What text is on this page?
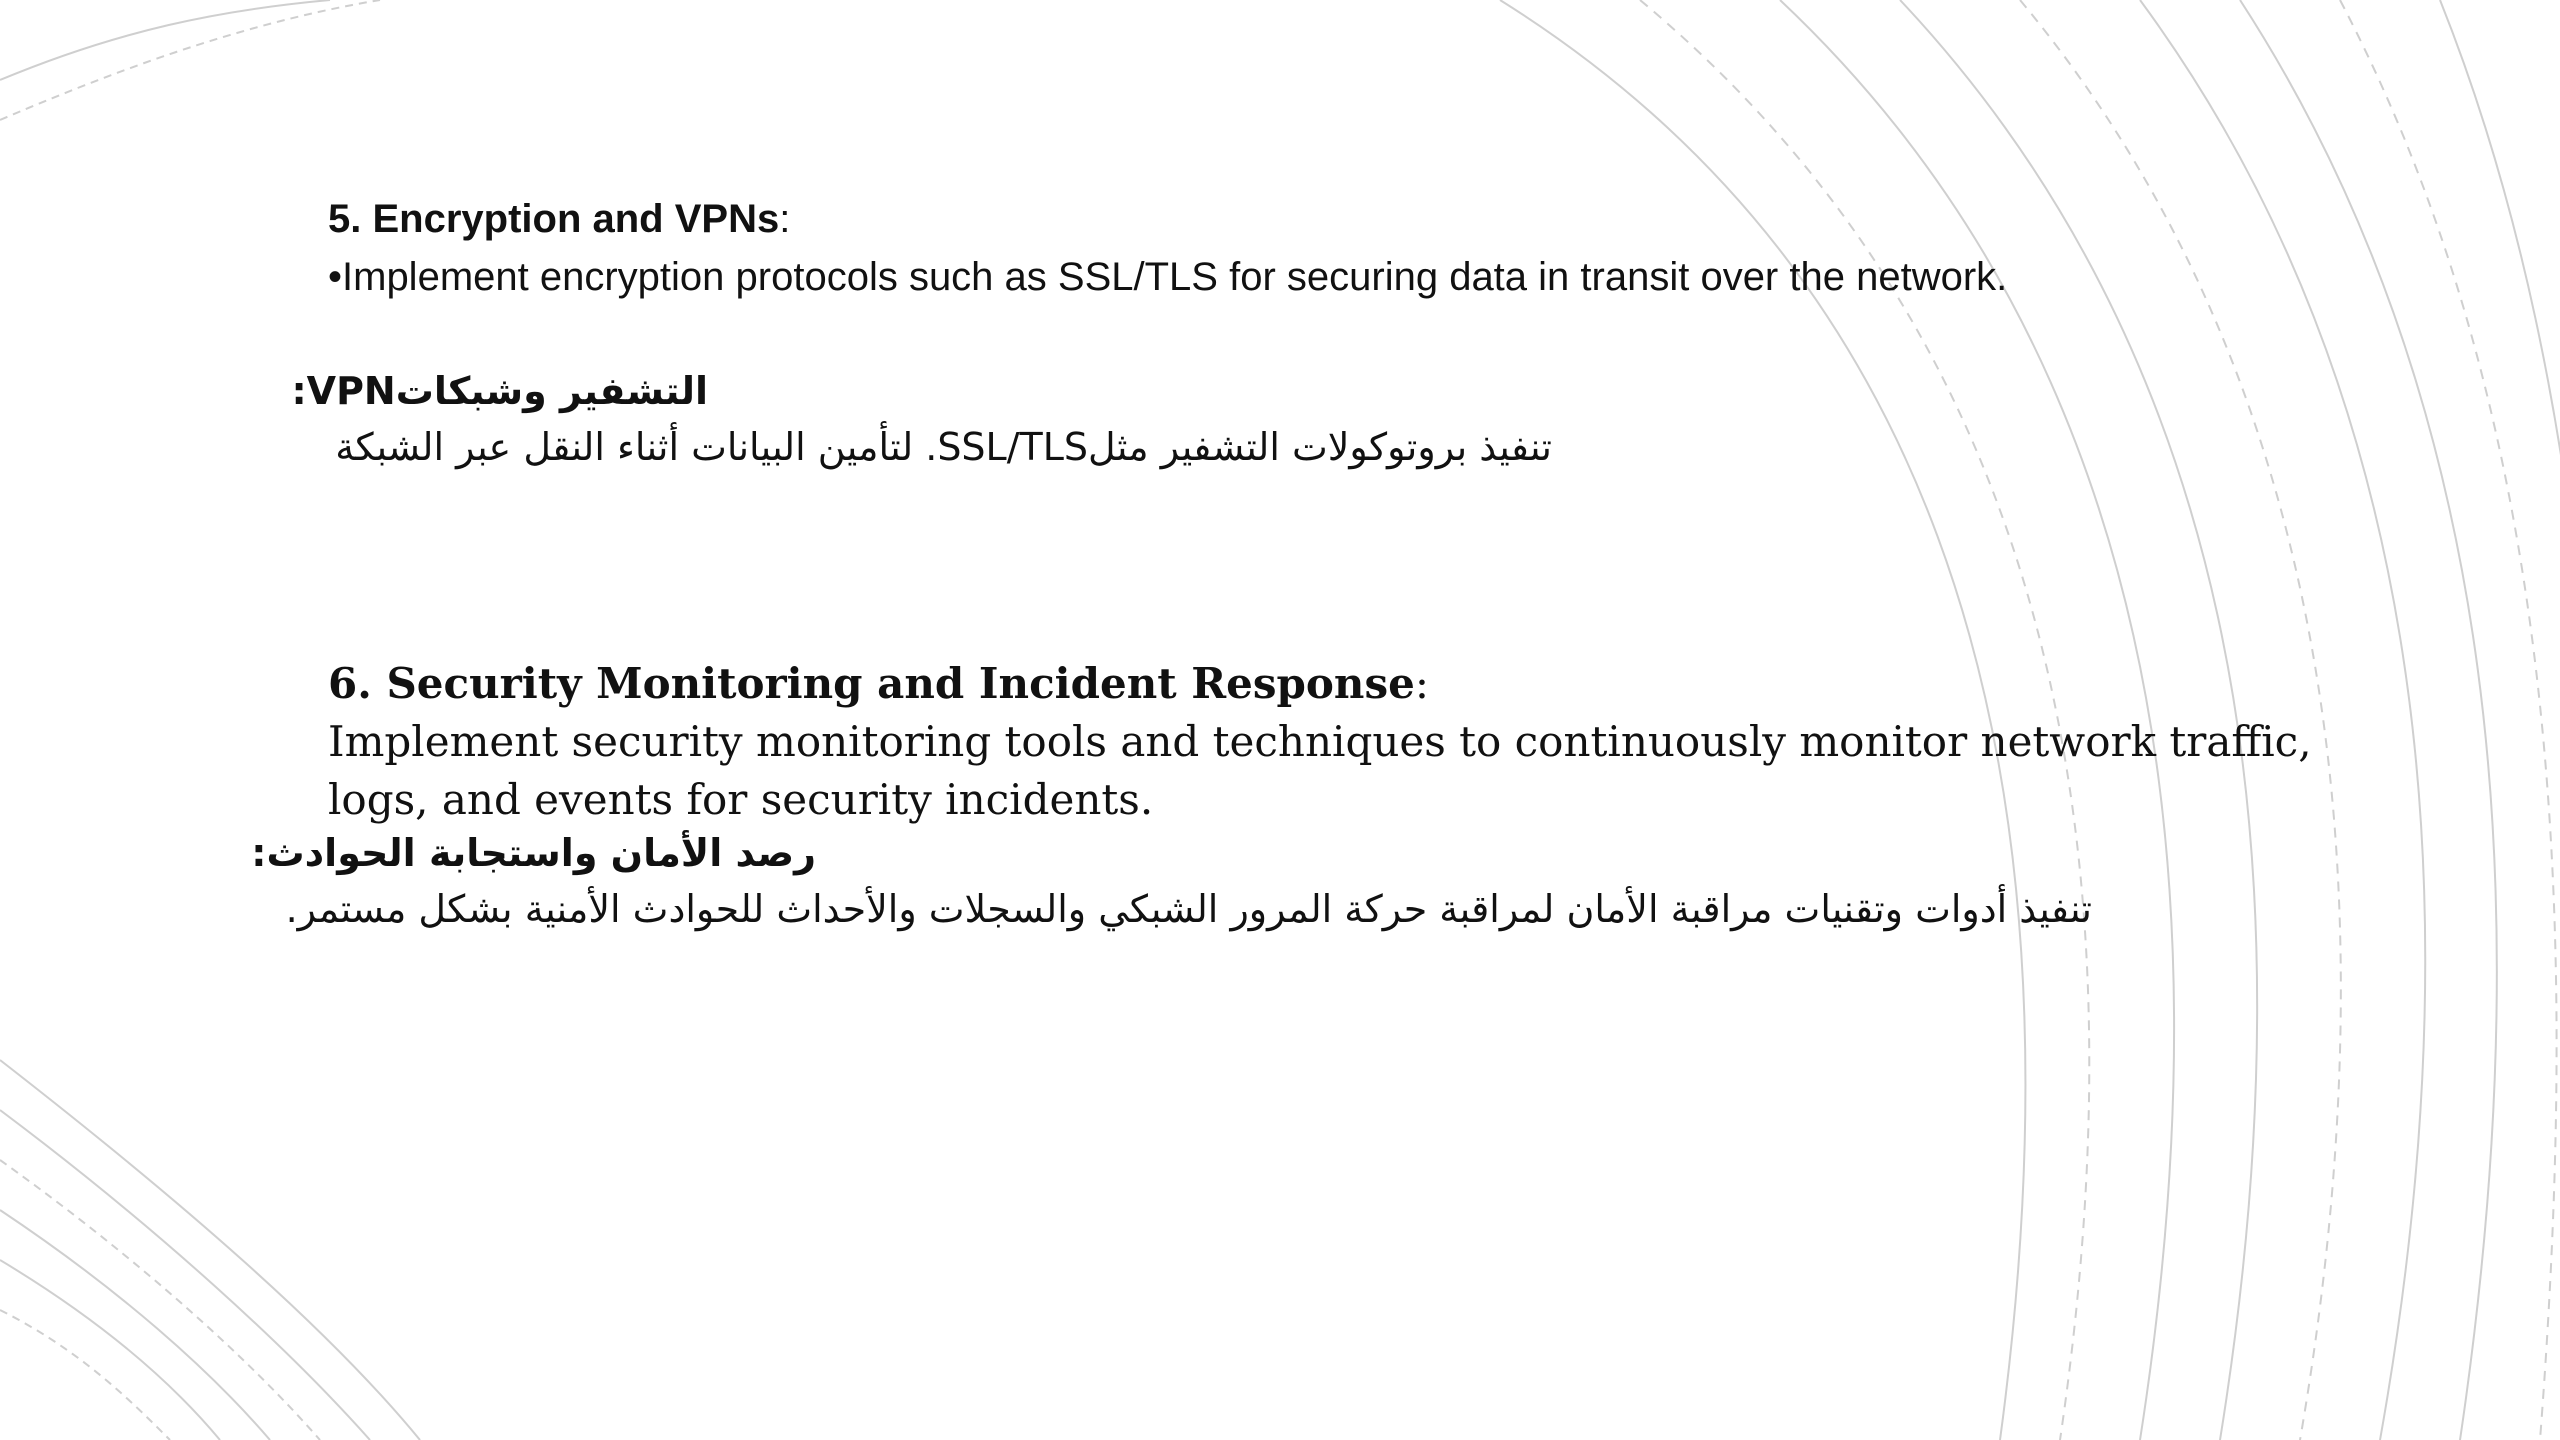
5. Encryption and VPNs:
•Implement encryption protocols such as SSL/TLS for securing data in transit over the network.
التشفير وشبكاتVPN:
تنفيذ بروتوكولات التشفير مثلSSL/TLS. لتأمين البيانات أثناء النقل عبر الشبكة
6. Security Monitoring and Incident Response:
Implement security monitoring tools and techniques to continuously monitor network traffic,
logs, and events for security incidents.
رصد الأمان واستجابة الحوادث:
تنفيذ أدوات وتقنيات مراقبة الأمان لمراقبة حركة المرور الشبكي والسجلات والأحداث للحوادث الأمنية بشكل مستمر.
